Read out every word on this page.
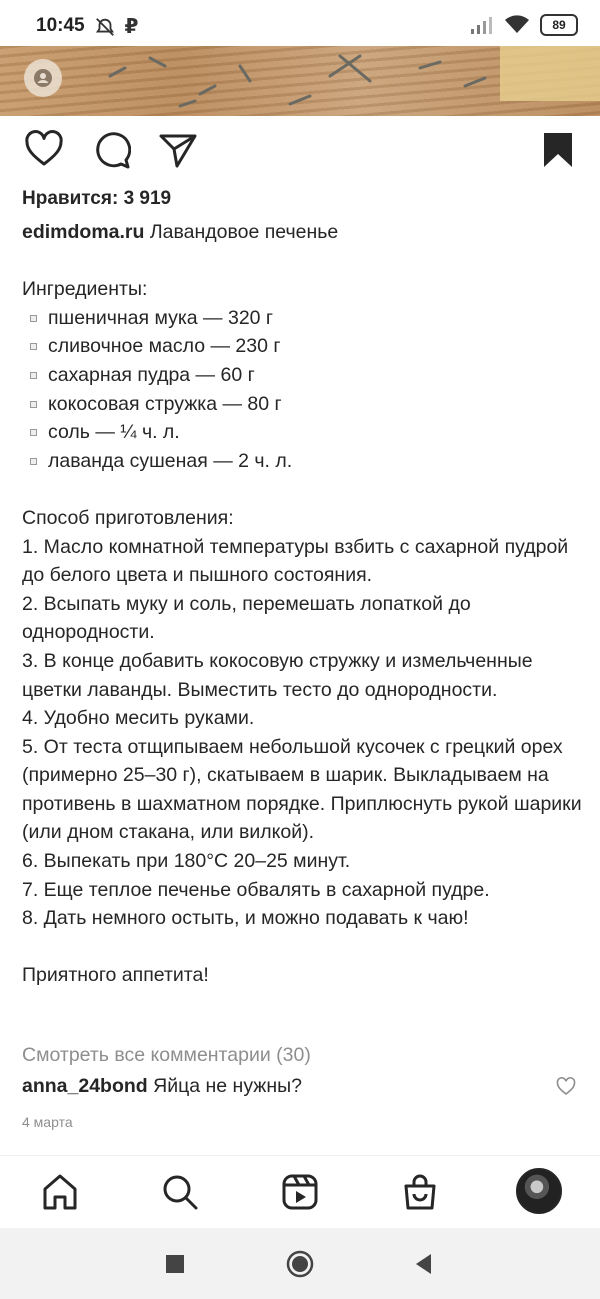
10:45	₽	89
Нравится: 3 919

edimdoma.ru Лавандовое печенье

Ингредиенты:

пшеничная мука — 320 г
сливочное масло — 230 г
сахарная пудра — 60 г
кокосовая стружка — 80 г
соль — ¼ ч. л.
лаванда сушеная — 2 ч. л.

Способ приготовления:

1. Масло комнатной температуры взбить с сахарной пудрой до белого цвета и пышного состояния.

2. Всыпать муку и соль, перемешать лопаткой до однородности.

3. В конце добавить кокосовую стружку и измельченные цветки лаванды. Выместить тесто до однородности.

4. Удобно месить руками.

5. От теста отщипываем небольшой кусочек с грецкий орех (примерно 25–30 г), скатываем в шарик. Выкладываем на противень в шахматном порядке. Приплюснуть рукой шарики (или дном стакана, или вилкой).

6. Выпекать при 180°C 20–25 минут.

7. Еще теплое печенье обвалять в сахарной пудре.

8. Дать немного остыть, и можно подавать к чаю!

Приятного аппетита!

Смотреть все комментарии (30)
anna_24bond Яйца не нужны?
4 марта
